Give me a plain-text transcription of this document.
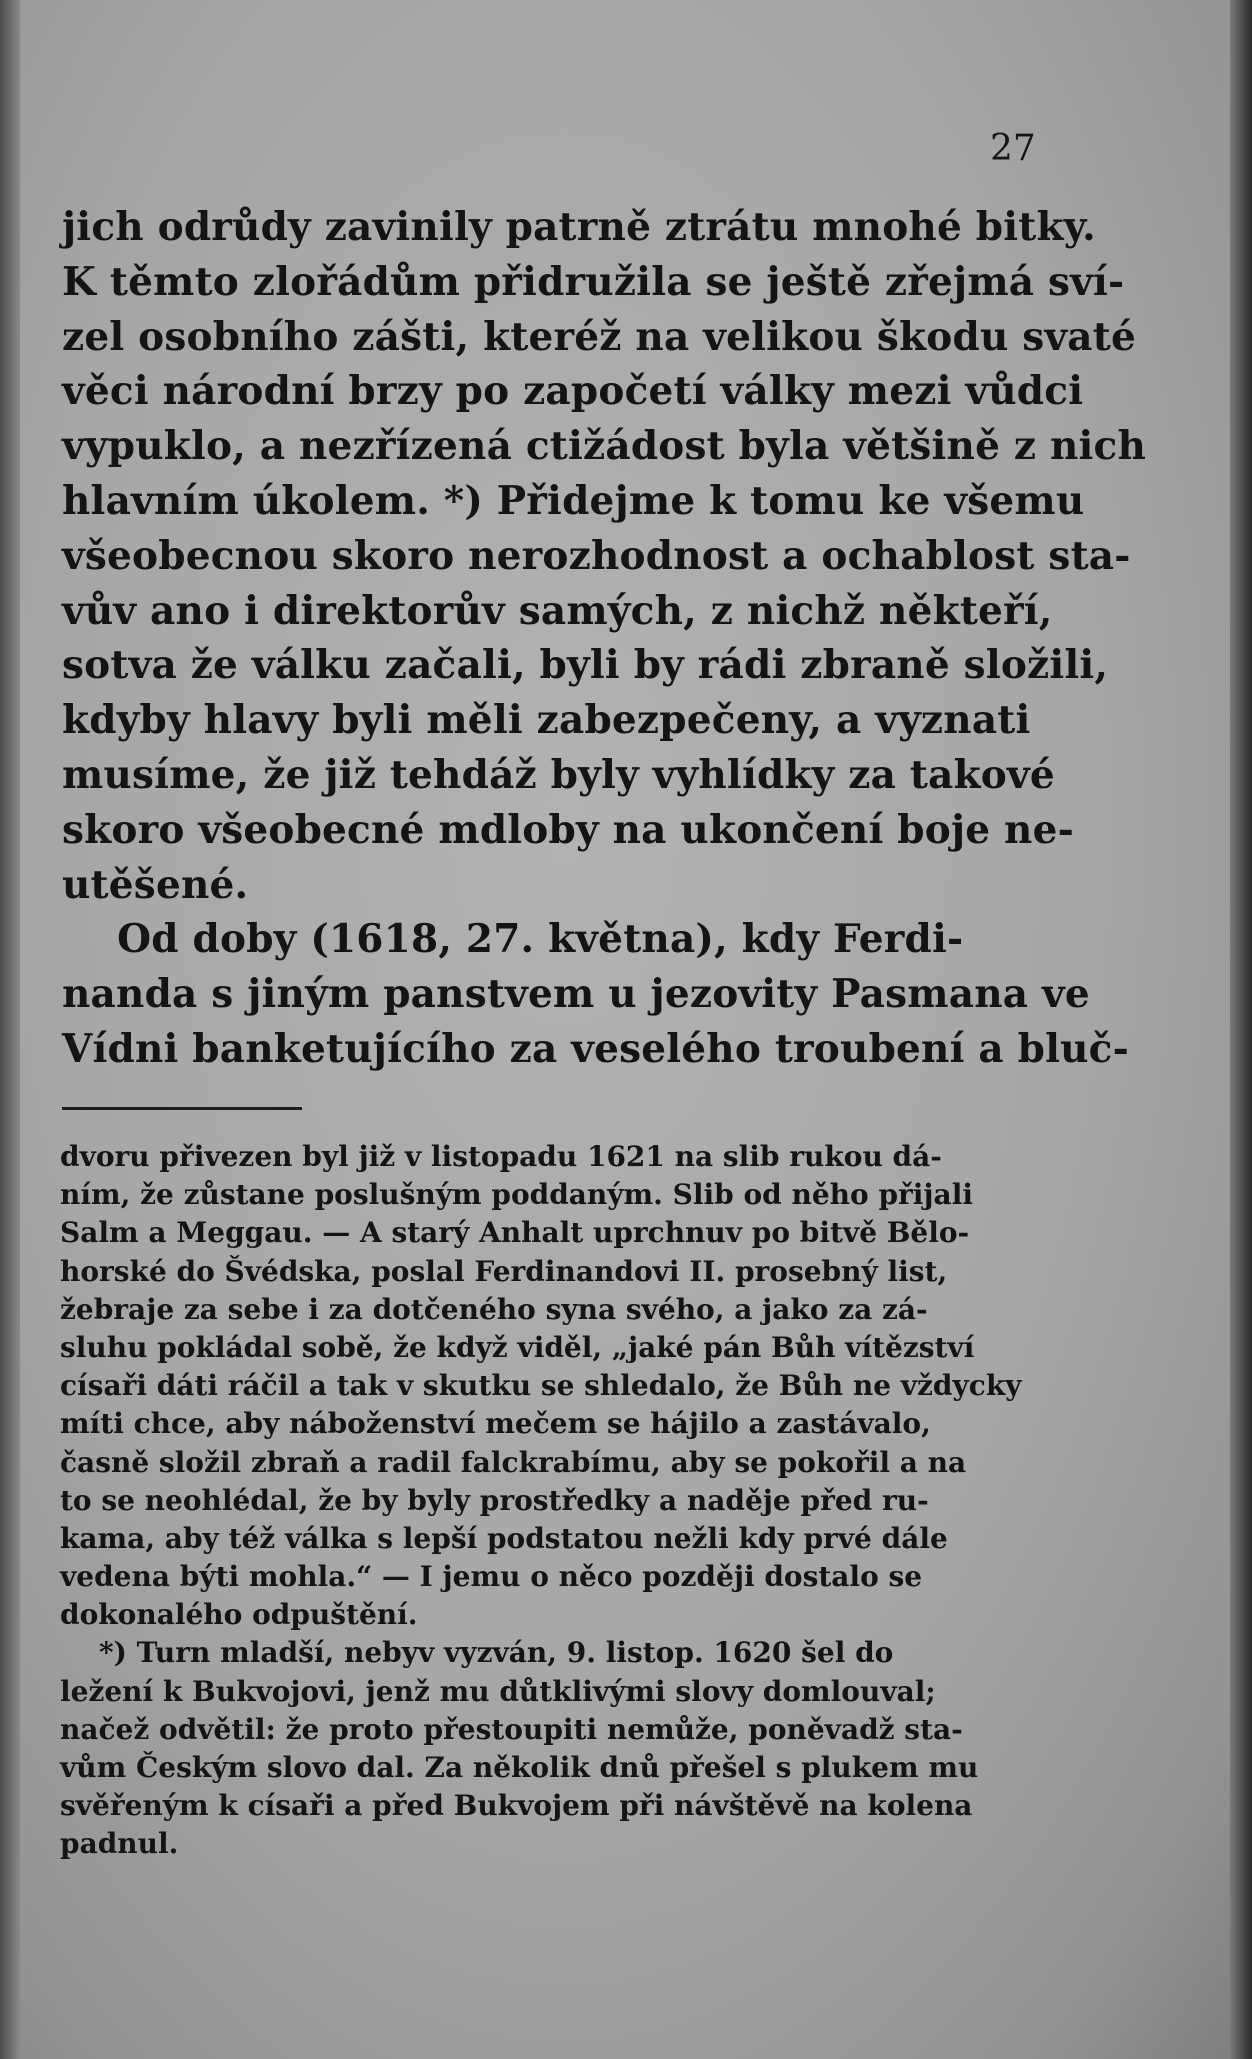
27
jich odrůdy zavinily patrně ztrátu mnohé bitky.
K těmto zlořádům přidružila se ještě zřejmá sví-
zel osobního zášti, kteréž na velikou škodu svaté
věci národní brzy po započetí války mezi vůdci
vypuklo, a nezřízená ctižádost byla většině z nich
hlavním úkolem. *) Přidejme k tomu ke všemu
všeobecnou skoro nerozhodnost a ochablost sta-
vův ano i direktorův samých, z nichž někteří,
sotva že válku začali, byli by rádi zbraně složili,
kdyby hlavy byli měli zabezpečeny, a vyznati
musíme, že již tehdáž byly vyhlídky za takové
skoro všeobecné mdloby na ukončení boje ne-
utěšené.
Od doby (1618, 27. května), kdy Ferdi-
nanda s jiným panstvem u jezovity Pasmana ve
Vídni banketujícího za veselého troubení a bluč-
dvoru přivezen byl již v listopadu 1621 na slib rukou dá-
ním, že zůstane poslušným poddaným. Slib od něho přijali
Salm a Meggau. — A starý Anhalt uprchnuv po bitvě Bělo-
horské do Švédska, poslal Ferdinandovi II. prosebný list,
žebraje za sebe i za dotčeného syna svého, a jako za zá-
sluhu pokládal sobě, že když viděl, „jaké pán Bůh vítězství
císaři dáti ráčil a tak v skutku se shledalo, že Bůh ne vždycky
míti chce, aby náboženství mečem se hájilo a zastávalo,
časně složil zbraň a radil falckrabímu, aby se pokořil a na
to se neohlédal, že by byly prostředky a naděje před ru-
kama, aby též válka s lepší podstatou nežli kdy prvé dále
vedena býti mohla.“ — I jemu o něco později dostalo se
dokonalého odpuštění.
*) Turn mladší, nebyv vyzván, 9. listop. 1620 šel do
ležení k Bukvojovi, jenž mu důtklivými slovy domlouval;
načež odvětil: že proto přestoupiti nemůže, poněvadž sta-
vům Českým slovo dal. Za několik dnů přešel s plukem mu
svěřeným k císaři a před Bukvojem při návštěvě na kolena
padnul.
